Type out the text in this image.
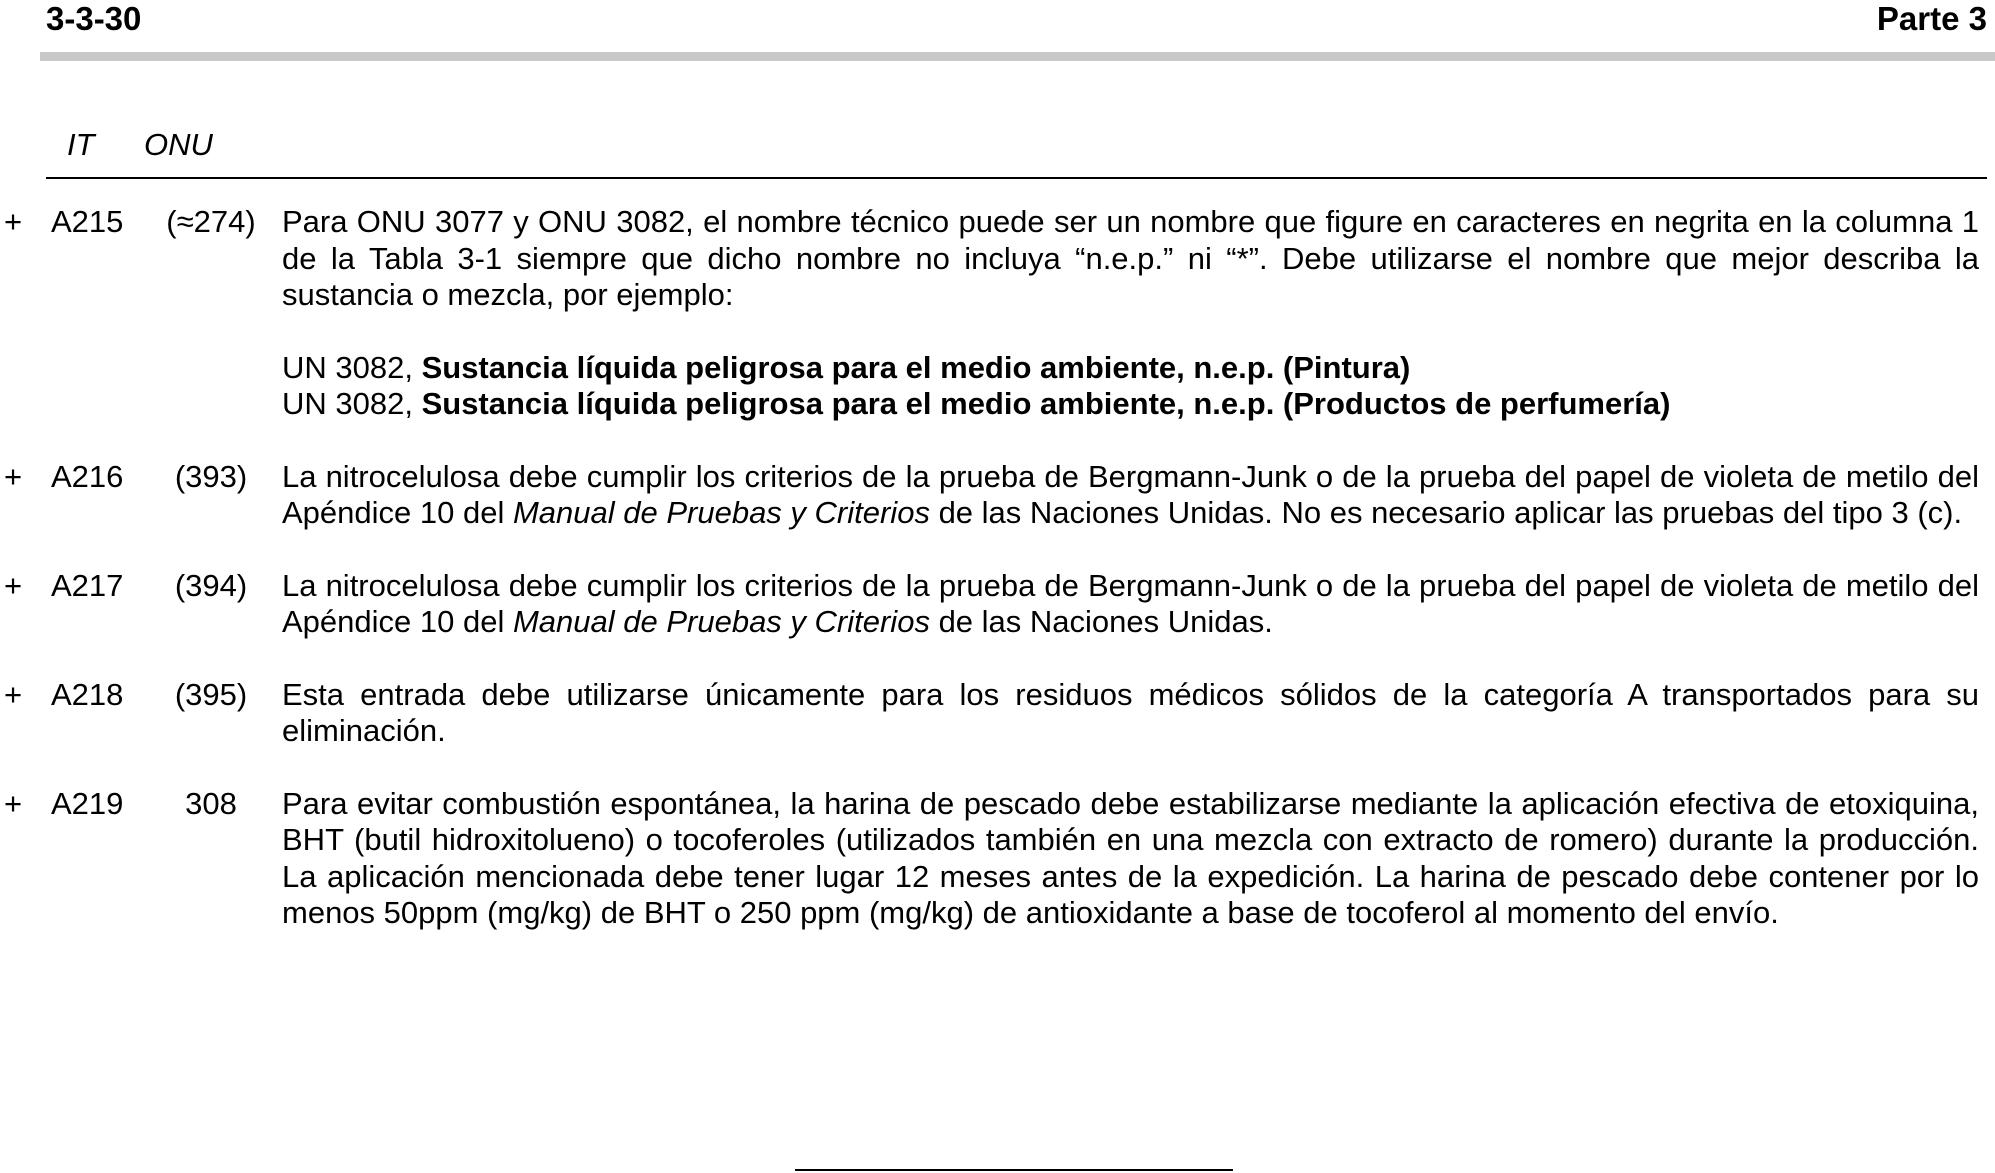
3-3-30	Parte 3
IT ONU
+ A215	(≈274) Para ONU 3077 y ONU 3082, el nombre técnico puede ser un nombre que figure en caracteres en negrita en la columna 1 de la Tabla 3-1 siempre que dicho nombre no incluya “n.e.p.” ni “*”. Debe utilizarse el nombre que mejor describa la sustancia o mezcla, por ejemplo:

UN 3082, Sustancia líquida peligrosa para el medio ambiente, n.e.p. (Pintura)
UN 3082, Sustancia líquida peligrosa para el medio ambiente, n.e.p. (Productos de perfumería)
+ A216	(393)	La nitrocelulosa debe cumplir los criterios de la prueba de Bergmann-Junk o de la prueba del papel de violeta de metilo del Apéndice 10 del Manual de Pruebas y Criterios de las Naciones Unidas. No es necesario aplicar las pruebas del tipo 3 (c).

+ A217	(394)	La nitrocelulosa debe cumplir los criterios de la prueba de Bergmann-Junk o de la prueba del papel de violeta de metilo del Apéndice 10 del Manual de Pruebas y Criterios de las Naciones Unidas.

+ A218	(395)	Esta entrada debe utilizarse únicamente para los residuos médicos sólidos de la categoría A transportados para su eliminación.

+ A219	308	Para evitar combustión espontánea, la harina de pescado debe estabilizarse mediante la aplicación efectiva de etoxiquina, BHT (butil hidroxitolueno) o tocoferoles (utilizados también en una mezcla con extracto de romero) durante la producción. La aplicación mencionada debe tener lugar 12 meses antes de la expedición. La harina de pescado debe contener por lo menos 50ppm (mg/kg) de BHT o 250 ppm (mg/kg) de antioxidante a base de tocoferol al momento del envío.
